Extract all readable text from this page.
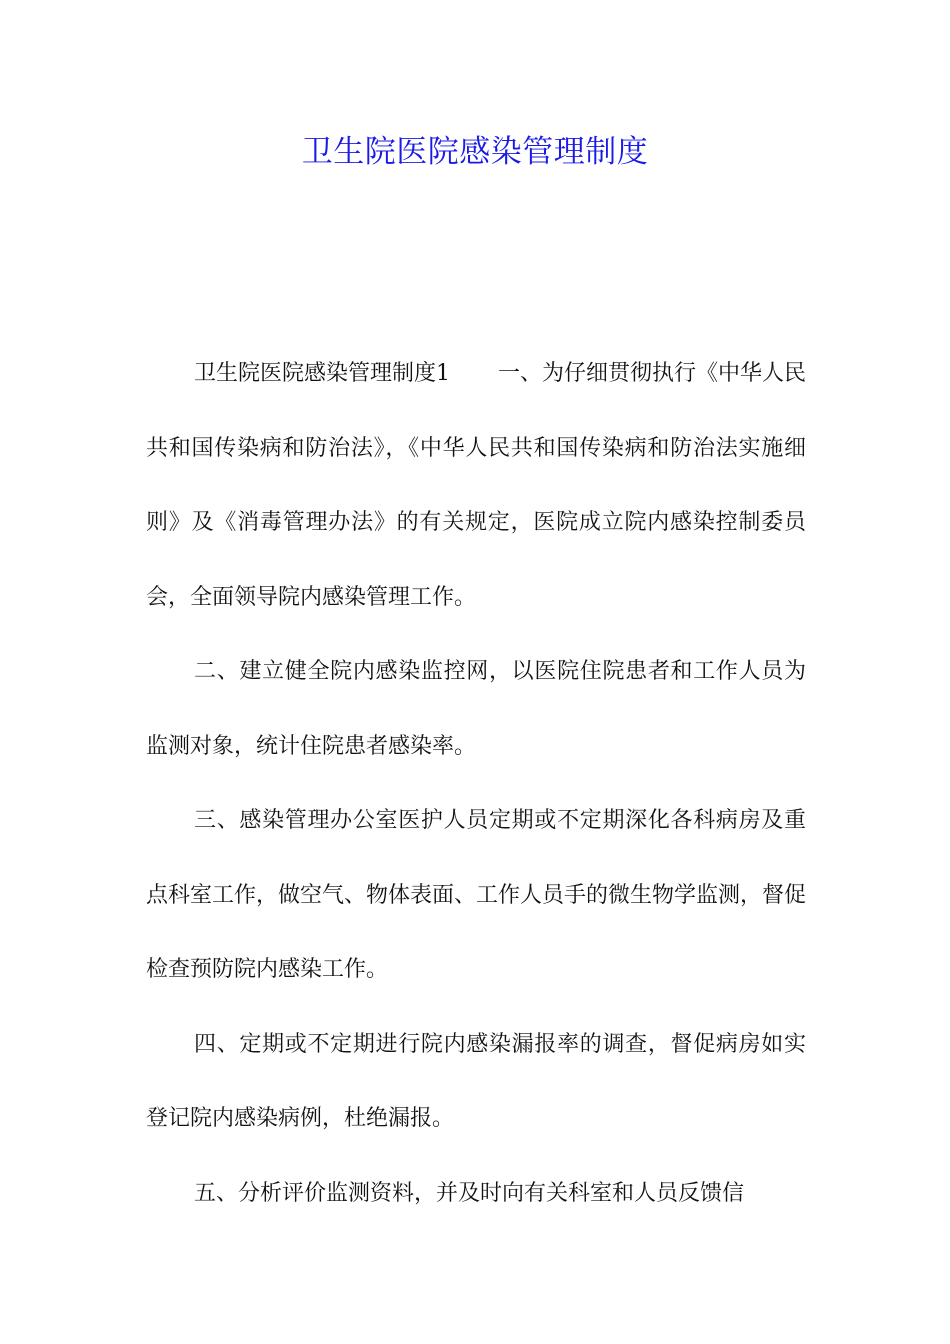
卫生院医院感染管理制度

卫生院医院感染管理制度1 一、为仔细贯彻执行《中华人民共和国传染病和防治法》，《中华人民共和国传染病和防治法实施细则》及《消毒管理办法》的有关规定，医院成立院内感染控制委员会，全面领导院内感染管理工作。

二、建立健全院内感染监控网，以医院住院患者和工作人员为监测对象，统计住院患者感染率。

三、感染管理办公室医护人员定期或不定期深化各科病房及重点科室工作，做空气、物体表面、工作人员手的微生物学监测，督促检查预防院内感染工作。

四、定期或不定期进行院内感染漏报率的调查，督促病房如实登记院内感染病例，杜绝漏报。

五、分析评价监测资料，并及时向有关科室和人员反馈信
